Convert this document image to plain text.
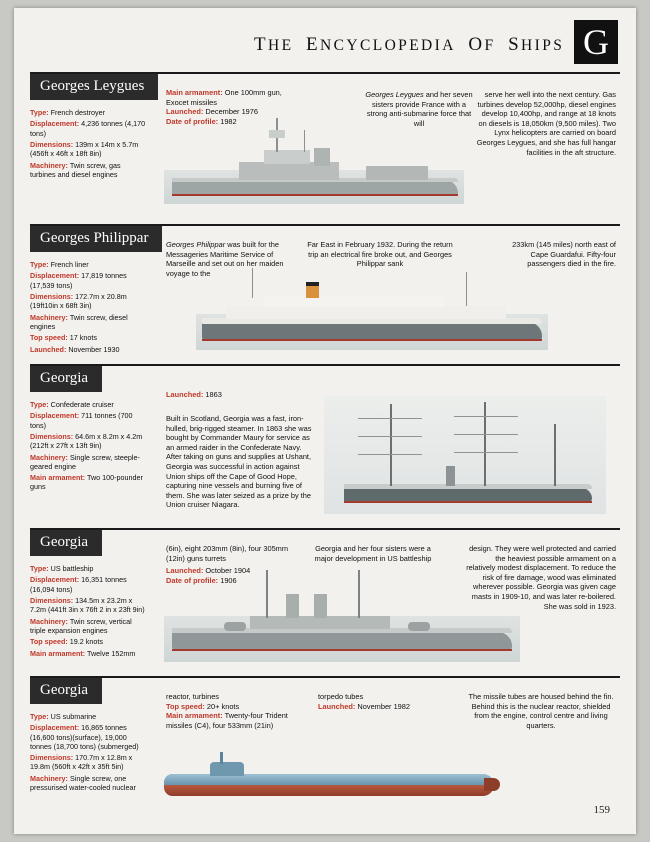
THE  ENCYCLOPEDIA  OF  SHIPS G
Georges Leygues
Type: French destroyer
Displacement: 4,236 tonnes (4,170 tons)
Dimensions: 139m x 14m x 5.7m (456ft x 46ft x 18ft 8in)
Machinery: Twin screw, gas turbines and diesel engines
Main armament: One 100mm gun, Exocet missiles
Launched: December 1976
Date of profile: 1982
Georges Leygues and her seven sisters provide France with a strong anti-submarine force that will
serve her well into the next century. Gas turbines develop 52,000hp, diesel engines develop 10,400hp, and range at 18 knots on diesels is 18,050km (9,500 miles). Two Lynx helicopters are carried on board Georges Leygues, and she has full hangar facilities in the aft structure.
Georges Philippar
Type: French liner
Displacement: 17,819 tonnes (17,539 tons)
Dimensions: 172.7m x 20.8m (19ft10in x 68ft 3in)
Machinery: Twin screw, diesel engines
Top speed: 17 knots
Launched: November 1930
Georges Philippar was built for the Messageries Maritime Service of Marseille and set out on her maiden voyage to the
Far East in February 1932. During the return trip an electrical fire broke out, and Georges Philippar sank
233km (145 miles) north east of Cape Guardafui. Fifty-four passengers died in the fire.
Georgia
Type: Confederate cruiser
Displacement: 711 tonnes (700 tons)
Dimensions: 64.6m x 8.2m x 4.2m (212ft x 27ft x 13ft 9in)
Machinery: Single screw, steeple-geared engine
Main armament: Two 100-pounder guns
Launched: 1863
Built in Scotland, Georgia was a fast, iron-hulled, brig-rigged steamer. In 1863 she was bought by Commander Maury for service as an armed raider in the Confederate Navy. After taking on guns and supplies at Ushant, Georgia was successful in action against Union ships off the Cape of Good Hope, capturing nine vessels and burning five of them. She was later seized as a prize by the Union cruiser Niagara.
Georgia
Type: US battleship
Displacement: 16,351 tonnes (16,094 tons)
Dimensions: 134.5m x 23.2m x 7.2m (441ft 3in x 76ft 2 in x 23ft 9in)
Machinery: Twin screw, vertical triple expansion engines
Top speed: 19.2 knots
Main armament: Twelve 152mm
(6in), eight 203mm (8in), four 305mm (12in) guns turrets
Launched: October 1904
Date of profile: 1906
Georgia and her four sisters were a major development in US battleship
design. They were well protected and carried the heaviest possible armament on a relatively modest displacement. To reduce the risk of fire damage, wood was eliminated wherever possible. Georgia was given cage masts in 1909-10, and was later re-boilered. She was sold in 1923.
Georgia
Type: US submarine
Displacement: 16,865 tonnes (16,600 tons)(surface), 19,000 tonnes (18,700 tons) (submerged)
Dimensions: 170.7m x 12.8m x 19.8m (560ft x 42ft x 35ft 5in)
Machinery: Single screw, one pressurised water-cooled nuclear
reactor, turbines
Top speed: 20+ knots
Main armament: Twenty-four Trident missiles (C4), four 533mm (21in)
torpedo tubes
Launched: November 1982
The missile tubes are housed behind the fin. Behind this is the nuclear reactor, shielded from the engine, control centre and living quarters.
159
